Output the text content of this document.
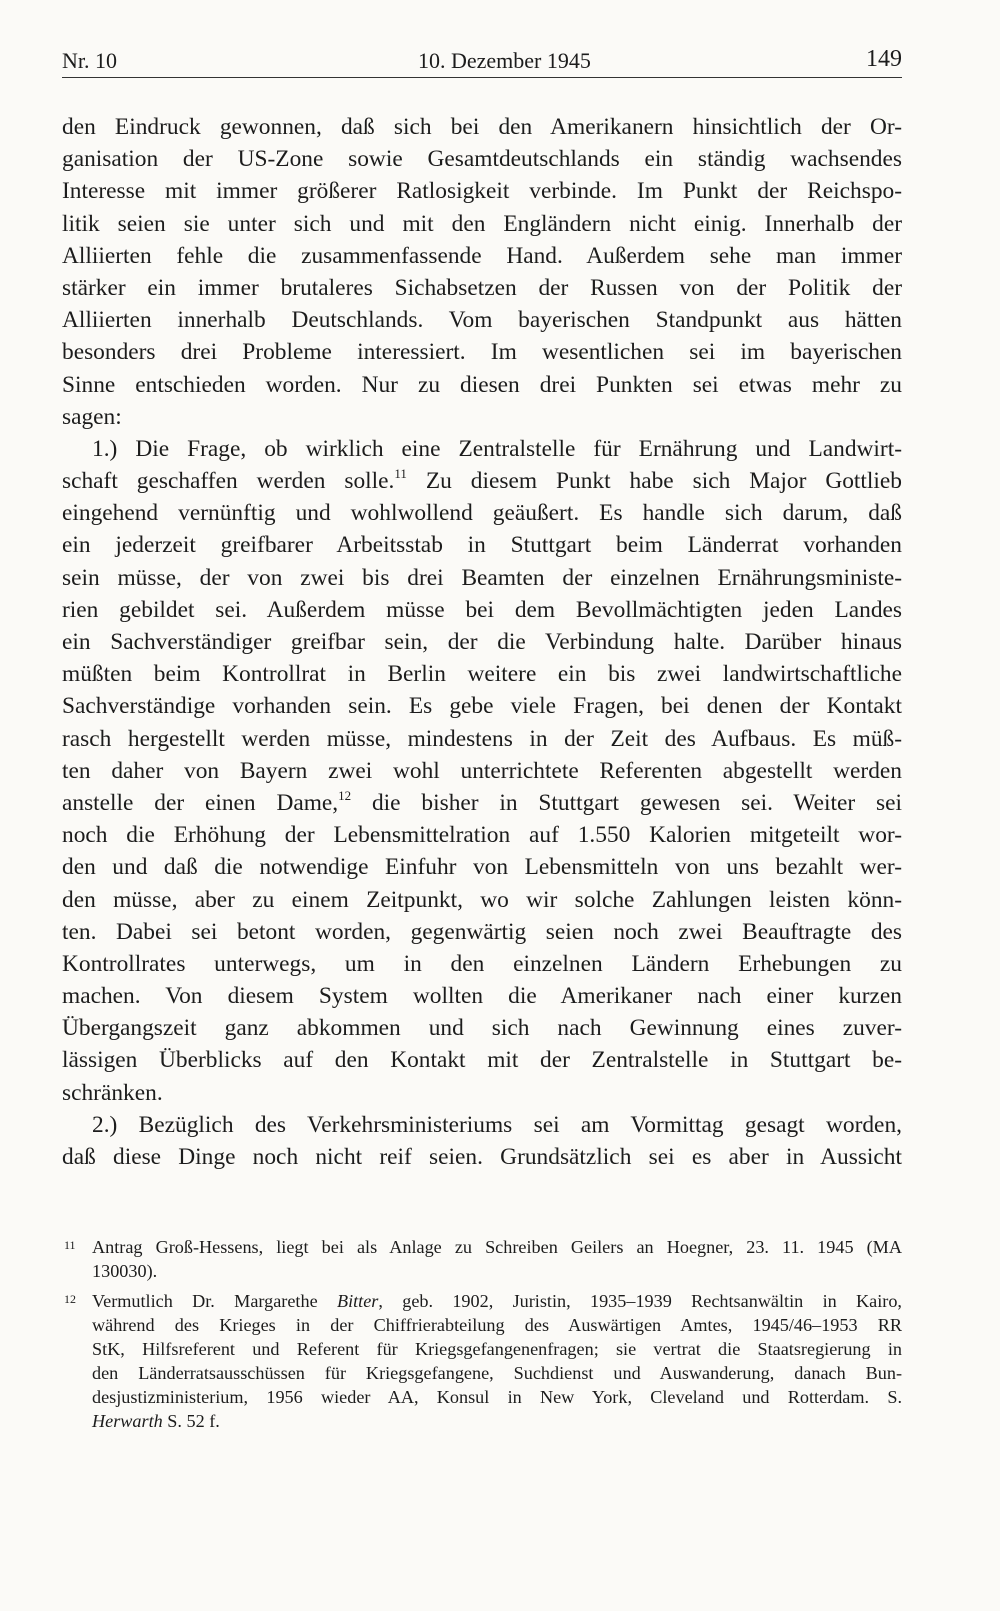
Nr. 10	10. Dezember 1945	149
den Eindruck gewonnen, daß sich bei den Amerikanern hinsichtlich der Or-
ganisation der US-Zone sowie Gesamtdeutschlands ein ständig wachsendes
Interesse mit immer größerer Ratlosigkeit verbinde. Im Punkt der Reichspo-
litik seien sie unter sich und mit den Engländern nicht einig. Innerhalb der
Alliierten fehle die zusammenfassende Hand. Außerdem sehe man immer
stärker ein immer brutaleres Sichabsetzen der Russen von der Politik der
Alliierten innerhalb Deutschlands. Vom bayerischen Standpunkt aus hätten
besonders drei Probleme interessiert. Im wesentlichen sei im bayerischen
Sinne entschieden worden. Nur zu diesen drei Punkten sei etwas mehr zu
sagen:
1.) Die Frage, ob wirklich eine Zentralstelle für Ernährung und Landwirt-
schaft geschaffen werden solle.$^{11}$ Zu diesem Punkt habe sich Major Gottlieb
eingehend vernünftig und wohlwollend geäußert. Es handle sich darum, daß
ein jederzeit greifbarer Arbeitsstab in Stuttgart beim Länderrat vorhanden
sein müsse, der von zwei bis drei Beamten der einzelnen Ernährungsministe-
rien gebildet sei. Außerdem müsse bei dem Bevollmächtigten jeden Landes
ein Sachverständiger greifbar sein, der die Verbindung halte. Darüber hinaus
müßten beim Kontrollrat in Berlin weitere ein bis zwei landwirtschaftliche
Sachverständige vorhanden sein. Es gebe viele Fragen, bei denen der Kontakt
rasch hergestellt werden müsse, mindestens in der Zeit des Aufbaus. Es müß-
ten daher von Bayern zwei wohl unterrichtete Referenten abgestellt werden
anstelle der einen Dame,$^{12}$ die bisher in Stuttgart gewesen sei. Weiter sei
noch die Erhöhung der Lebensmittelration auf 1.550 Kalorien mitgeteilt wor-
den und daß die notwendige Einfuhr von Lebensmitteln von uns bezahlt wer-
den müsse, aber zu einem Zeitpunkt, wo wir solche Zahlungen leisten könn-
ten. Dabei sei betont worden, gegenwärtig seien noch zwei Beauftragte des
Kontrollrates unterwegs, um in den einzelnen Ländern Erhebungen zu
machen. Von diesem System wollten die Amerikaner nach einer kurzen
Übergangszeit ganz abkommen und sich nach Gewinnung eines zuver-
lässigen Überblicks auf den Kontakt mit der Zentralstelle in Stuttgart be-
schränken.
2.) Bezüglich des Verkehrsministeriums sei am Vormittag gesagt worden,
daß diese Dinge noch nicht reif seien. Grundsätzlich sei es aber in Aussicht
11 Antrag Groß-Hessens, liegt bei als Anlage zu Schreiben Geilers an Hoegner, 23. 11. 1945 (MA
130030).
12 Vermutlich Dr. Margarethe Bitter, geb. 1902, Juristin, 1935–1939 Rechtsanwältin in Kairo,
während des Krieges in der Chiffrierabteilung des Auswärtigen Amtes, 1945/46–1953 RR
StK, Hilfsreferent und Referent für Kriegsgefangenenfragen; sie vertrat die Staatsregierung in
den Länderratsausschüssen für Kriegsgefangene, Suchdienst und Auswanderung, danach Bun-
desjustizministerium, 1956 wieder AA, Konsul in New York, Cleveland und Rotterdam. S.
Herwarth S. 52 f.
